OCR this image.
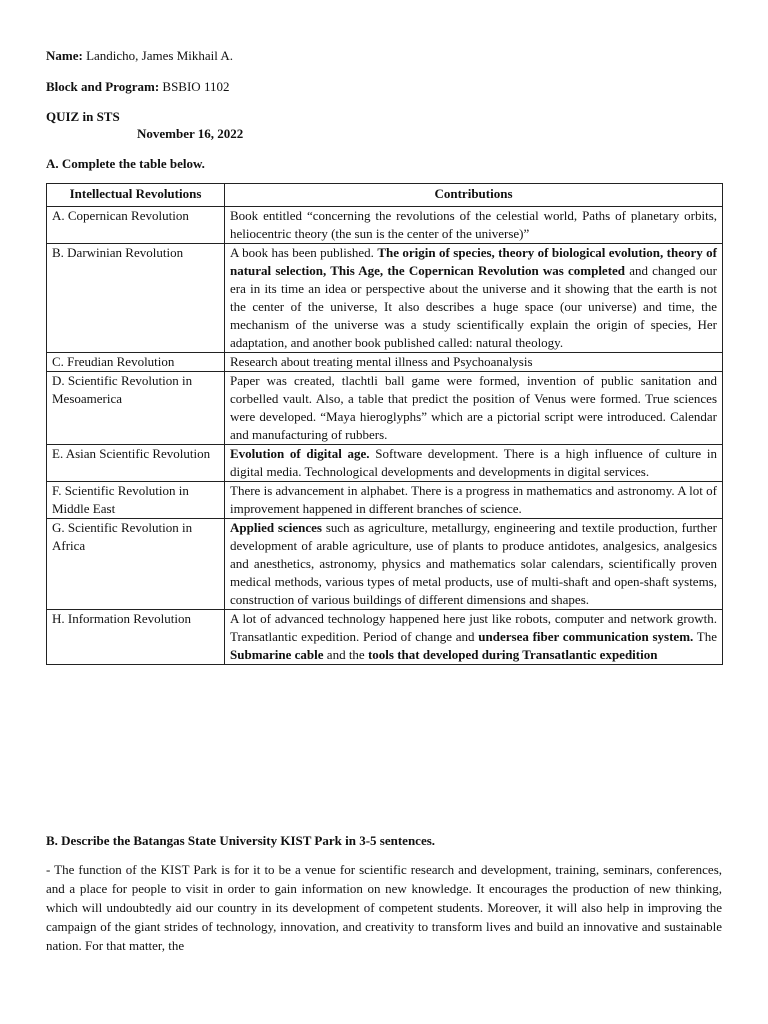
Name: Landicho, James Mikhail A.
Block and Program: BSBIO 1102
QUIZ in STS
November 16, 2022
A. Complete the table below.
Intellectual Revolutions	Contributions
A. Copernican Revolution	Book entitled “concerning the revolutions of the celestial world, Paths of planetary orbits, heliocentric theory (the sun is the center of the universe)”
B. Darwinian Revolution	A book has been published. The origin of species, theory of biological evolution, theory of natural selection, This Age, the Copernican Revolution was completed and changed our era in its time an idea or perspective about the universe and it showing that the earth is not the center of the universe, It also describes a huge space (our universe) and time, the mechanism of the universe was a study scientifically explain the origin of species, Her adaptation, and another book published called: natural theology.
C. Freudian Revolution	Research about treating mental illness and Psychoanalysis
D. Scientific Revolution in Mesoamerica	Paper was created, tlachtli ball game were formed, invention of public sanitation and corbelled vault. Also, a table that predict the position of Venus were formed. True sciences were developed. “Maya hieroglyphs” which are a pictorial script were introduced. Calendar and manufacturing of rubbers.
E. Asian Scientific Revolution	Evolution of digital age. Software development. There is a high influence of culture in digital media. Technological developments and developments in digital services.
F. Scientific Revolution in Middle East	There is advancement in alphabet. There is a progress in mathematics and astronomy. A lot of improvement happened in different branches of science.
G. Scientific Revolution in Africa	Applied sciences such as agriculture, metallurgy, engineering and textile production, further development of arable agriculture, use of plants to produce antidotes, analgesics, analgesics and anesthetics, astronomy, physics and mathematics solar calendars, scientifically proven medical methods, various types of metal products, use of multi-shaft and open-shaft systems, construction of various buildings of different dimensions and shapes.
H. Information Revolution	A lot of advanced technology happened here just like robots, computer and network growth. Transatlantic expedition. Period of change and undersea fiber communication system. The Submarine cable and the tools that developed during Transatlantic expedition
B. Describe the Batangas State University KIST Park in 3-5 sentences.
- The function of the KIST Park is for it to be a venue for scientific research and development, training, seminars, conferences, and a place for people to visit in order to gain information on new knowledge. It encourages the production of new thinking, which will undoubtedly aid our country in its development of competent students. Moreover, it will also help in improving the campaign of the giant strides of technology, innovation, and creativity to transform lives and build an innovative and sustainable nation. For that matter, the
